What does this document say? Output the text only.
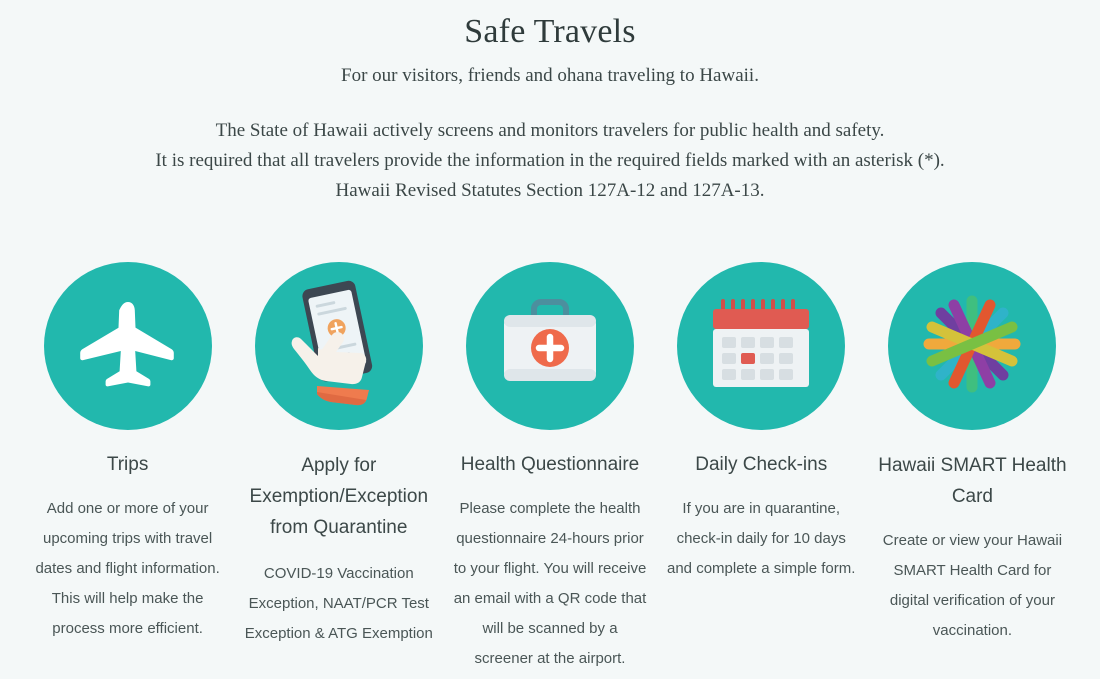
Safe Travels
For our visitors, friends and ohana traveling to Hawaii.
The State of Hawaii actively screens and monitors travelers for public health and safety.
It is required that all travelers provide the information in the required fields marked with an asterisk (*).
Hawaii Revised Statutes Section 127A-12 and 127A-13.
Trips
Add one or more of your upcoming trips with travel dates and flight information. This will help make the process more efficient.
Apply for Exemption/Exception from Quarantine
COVID-19 Vaccination Exception, NAAT/PCR Test Exception & ATG Exemption
Health Questionnaire
Please complete the health questionnaire 24-hours prior to your flight. You will receive an email with a QR code that will be scanned by a screener at the airport.
Daily Check-ins
If you are in quarantine, check-in daily for 10 days and complete a simple form.
Hawaii SMART Health Card
Create or view your Hawaii SMART Health Card for digital verification of your vaccination.
